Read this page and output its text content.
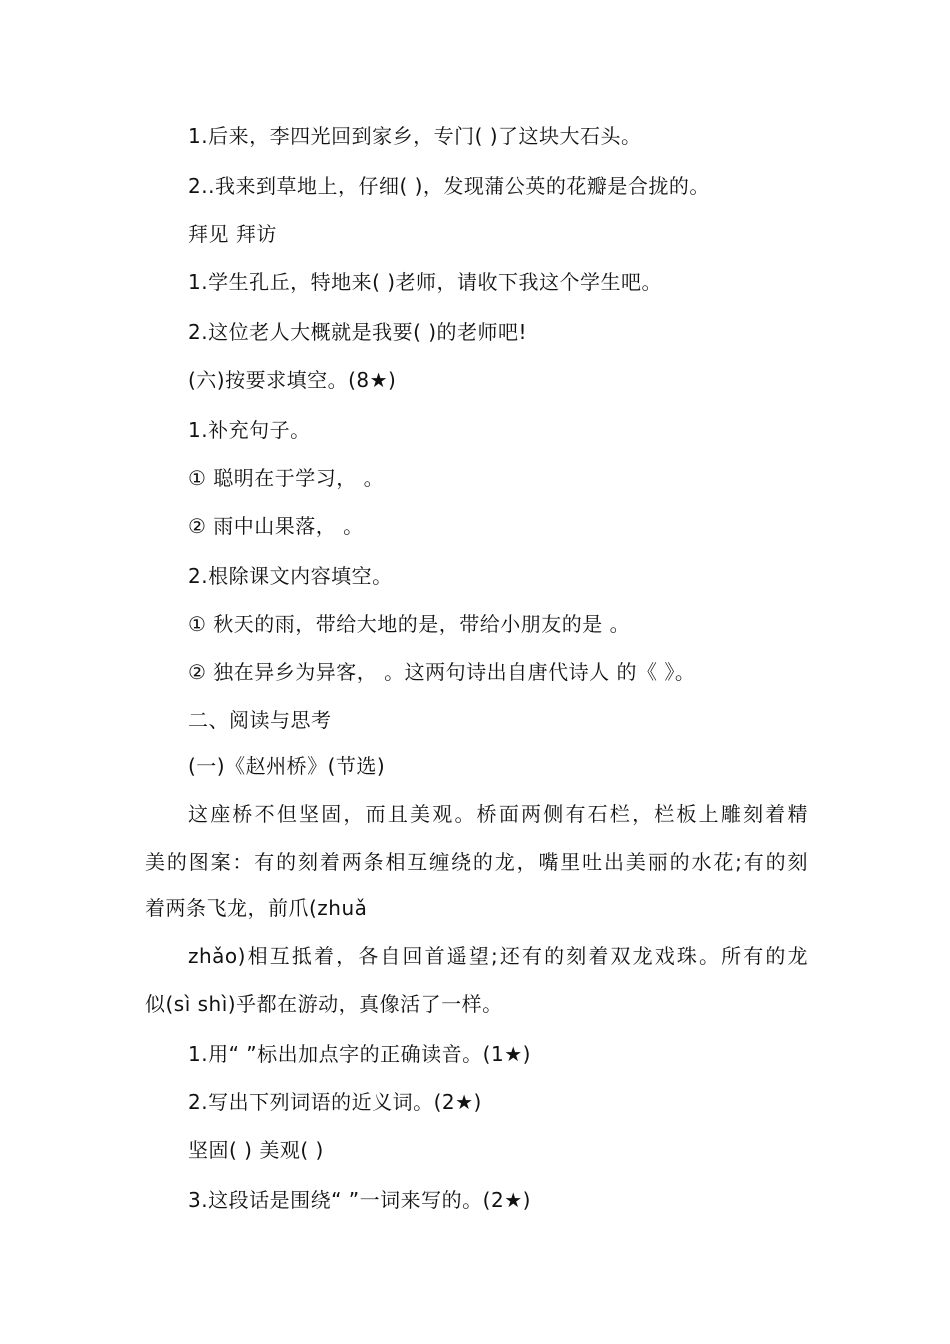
1.后来，李四光回到家乡，专门( )了这块大石头。
2..我来到草地上，仔细( )，发现蒲公英的花瓣是合拢的。
拜见 拜访
1.学生孔丘，特地来( )老师，请收下我这个学生吧。
2.这位老人大概就是我要( )的老师吧!
(六)按要求填空。(8★)
1.补充句子。
① 聪明在于学习， 。
② 雨中山果落， 。
2.根除课文内容填空。
① 秋天的雨，带给大地的是，带给小朋友的是 。
② 独在异乡为异客， 。这两句诗出自唐代诗人 的《 》。
二、阅读与思考
(一)《赵州桥》(节选)
这座桥不但坚固，而且美观。桥面两侧有石栏，栏板上雕刻着精
美的图案：有的刻着两条相互缠绕的龙，嘴里吐出美丽的水花;有的刻
着两条飞龙，前爪(zhuǎ
zhǎo)相互抵着，各自回首遥望;还有的刻着双龙戏珠。所有的龙
似(sì shì)乎都在游动，真像活了一样。
1.用“ ”标出加点字的正确读音。(1★)
2.写出下列词语的近义词。(2★)
坚固( ) 美观( )
3.这段话是围绕“ ”一词来写的。(2★)
